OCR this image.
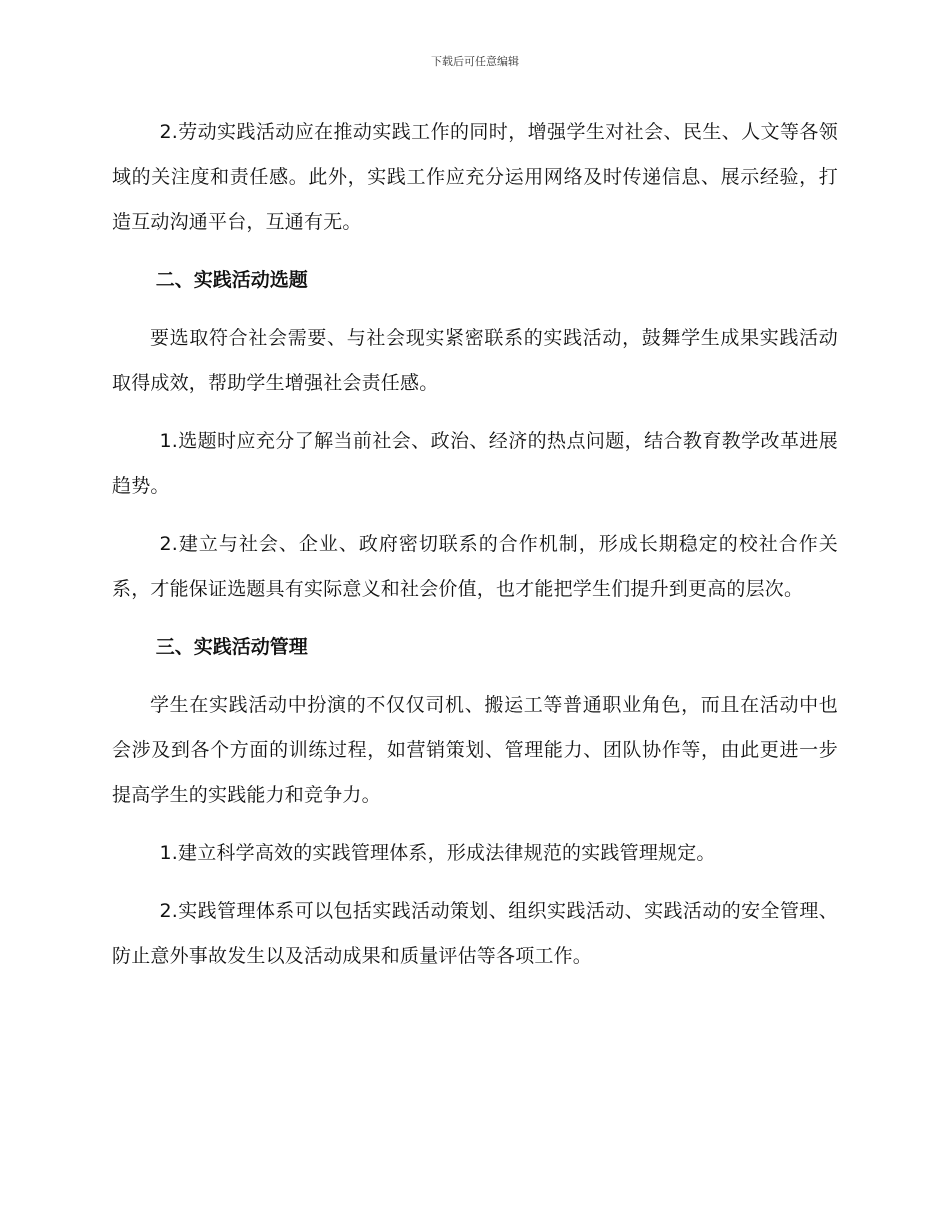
下载后可任意编辑

2.劳动实践活动应在推动实践工作的同时，增强学生对社会、民生、人文等各领域的关注度和责任感。此外，实践工作应充分运用网络及时传递信息、展示经验，打造互动沟通平台，互通有无。

二、实践活动选题

要选取符合社会需要、与社会现实紧密联系的实践活动，鼓舞学生成果实践活动取得成效，帮助学生增强社会责任感。

1.选题时应充分了解当前社会、政治、经济的热点问题，结合教育教学改革进展趋势。

2.建立与社会、企业、政府密切联系的合作机制，形成长期稳定的校社合作关系，才能保证选题具有实际意义和社会价值，也才能把学生们提升到更高的层次。

三、实践活动管理

学生在实践活动中扮演的不仅仅司机、搬运工等普通职业角色，而且在活动中也会涉及到各个方面的训练过程，如营销策划、管理能力、团队协作等，由此更进一步提高学生的实践能力和竞争力。

1.建立科学高效的实践管理体系，形成法律规范的实践管理规定。

2.实践管理体系可以包括实践活动策划、组织实践活动、实践活动的安全管理、防止意外事故发生以及活动成果和质量评估等各项工作。
